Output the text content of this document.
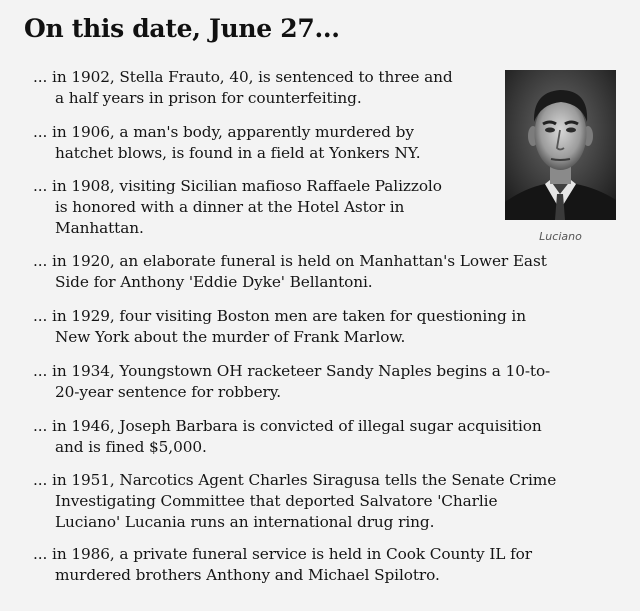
On this date, June 27...
Luciano
... in 1902, Stella Frauto, 40, is sentenced to three and
a half years in prison for counterfeiting.
... in 1906, a man's body, apparently murdered by
hatchet blows, is found in a field at Yonkers NY.
... in 1908, visiting Sicilian mafioso Raffaele Palizzolo
is honored with a dinner at the Hotel Astor in
Manhattan.
... in 1920, an elaborate funeral is held on Manhattan's Lower East
Side for Anthony 'Eddie Dyke' Bellantoni.
... in 1929, four visiting Boston men are taken for questioning in
New York about the murder of Frank Marlow.
... in 1934, Youngstown OH racketeer Sandy Naples begins a 10-to-
20-year sentence for robbery.
... in 1946, Joseph Barbara is convicted of illegal sugar acquisition
and is fined $5,000.
... in 1951, Narcotics Agent Charles Siragusa tells the Senate Crime
Investigating Committee that deported Salvatore 'Charlie
Luciano' Lucania runs an international drug ring.
... in 1986, a private funeral service is held in Cook County IL for
murdered brothers Anthony and Michael Spilotro.
